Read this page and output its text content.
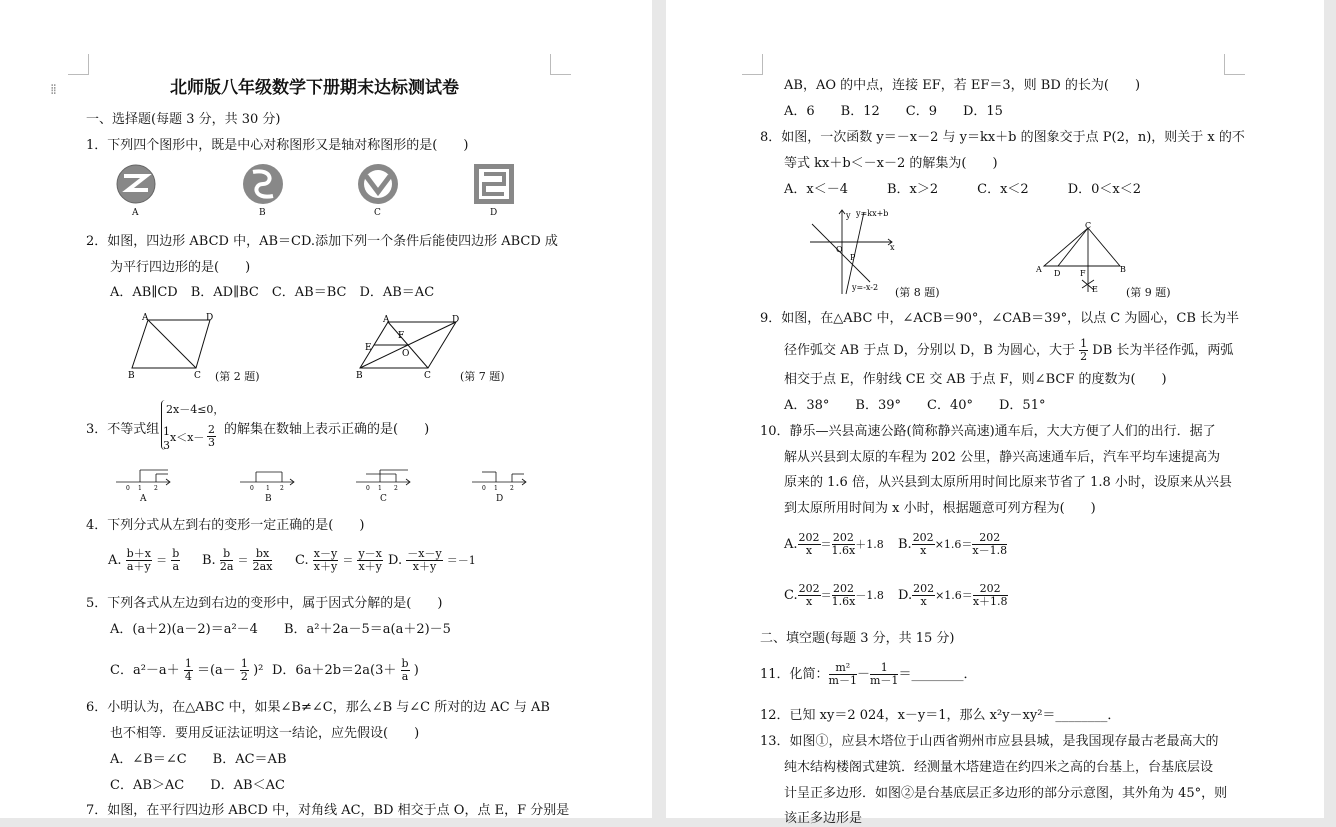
⁞⁞	北师版八年级数学下册期末达标测试卷
一、选择题(每题 3 分，共 30 分)
1．下列四个图形中，既是中心对称图形又是轴对称图形的是(　　)
A	B	C	D
2．如图，四边形 ABCD 中，AB＝CD.添加下列一个条件后能使四边形 ABCD 成
为平行四边形的是(　　)
A．AB∥CD　B．AD∥BC　C．AB＝BC　D．AB＝AC
A	D
B	C
A	D
F
E
O
B	C
(第 2 题)	(第 7 题)
3．不等式组
2x－4≤0，
1
3
$x<x- \frac{2}{3}$ 的解集在数轴上表示正确的是(　　)
0 1 2	0 1 2	0 1 2	0 1 2
A	B	C	D
4．下列分式从左到右的变形一定正确的是(　　)
A. $\frac{b+x}{a+y} = \frac{b}{a} B$. $\frac{b}{2a} = \frac{bx}{2ax} C$. $\frac{x-y}{x+y} = \frac{y-x}{x+y} D$. $\frac{-x-y}{x+y} =-1$
5．下列各式从左边到右边的变形中，属于因式分解的是(　　)
A．(a＋2)(a－2)＝a²－4　　B．a²＋2a－5＝a(a＋2)－5
C．$a^2-a+ \frac{1}{4} =(a- \frac{1}{2} )^2$ D．$6a+2b=2a(3+ \frac{b}{a}$ )
6．小明认为，在△ABC 中，如果∠B≠∠C，那么∠B 与∠C 所对的边 AC 与 AB
也不相等．要用反证法证明这一结论，应先假设(　　)
A．∠B＝∠C　　B．AC＝AB
C．AB＞AC　　D．AB＜AC
7．如图，在平行四边形 ABCD 中，对角线 AC，BD 相交于点 O，点 E，F 分别是
AB，AO 的中点，连接 EF，若 EF＝3，则 BD 的长为(　　)
A．6　　B．12　　C．9　　D．15
8．如图，一次函数 y＝－x－2 与 y＝kx＋b 的图象交于点 P(2，n)，则关于 x 的不
等式 kx＋b＜－x－2 的解集为(　　)
A．x＜－4　　　B．x＞2　　　C．x＜2　　　D．0＜x＜2
y y=kx+b
x
O
P
y=-x-2 (第 8 题)
C
A D F	B
E	(第 9 题)
9．如图，在△ABC 中，∠ACB＝90°，∠CAB＝39°，以点 C 为圆心，CB 长为半
径作弧交 AB 于点 D，分别以 D，B 为圆心，大于 $\frac{1}{2}$ DB 长为半径作弧，两弧
相交于点 E，作射线 CE 交 AB 于点 F，则∠BCF 的度数为(　　)
A．38°　　B．39°　　C．40°　　D．51°
10．静乐—兴县高速公路(简称静兴高速)通车后，大大方便了人们的出行．据了
解从兴县到太原的车程为 202 公里，静兴高速通车后，汽车平均车速提高为
原来的 1.6 倍，从兴县到太原所用时间比原来节省了 1.8 小时，设原来从兴县
到太原所用时间为 x 小时，根据题意可列方程为(　　)
A. $\frac{202}{x} = \frac{202}{1.6x} +1.8$ B. $\frac{202}{x} \times 1.6= \frac{202}{x-1.8}$
C. $\frac{202}{x} = \frac{202}{1.6x} -1.8$ D. $\frac{202}{x} \times 1.6= \frac{202}{x+1.8}$
二、填空题(每题 3 分，共 15 分)
11．化简： $\frac{\text{m²}}{m-1} - \frac{1}{m-1}$ ＝________．
12．已知 xy＝2 024，x－y＝1，那么 x²y－xy²＝________．
13．如图①，应县木塔位于山西省朔州市应县县城，是我国现存最古老最高大的
纯木结构楼阁式建筑．经测量木塔建造在约四米之高的台基上，台基底层设
计呈正多边形．如图②是台基底层正多边形的部分示意图，其外角为 45°，则
该正多边形是
